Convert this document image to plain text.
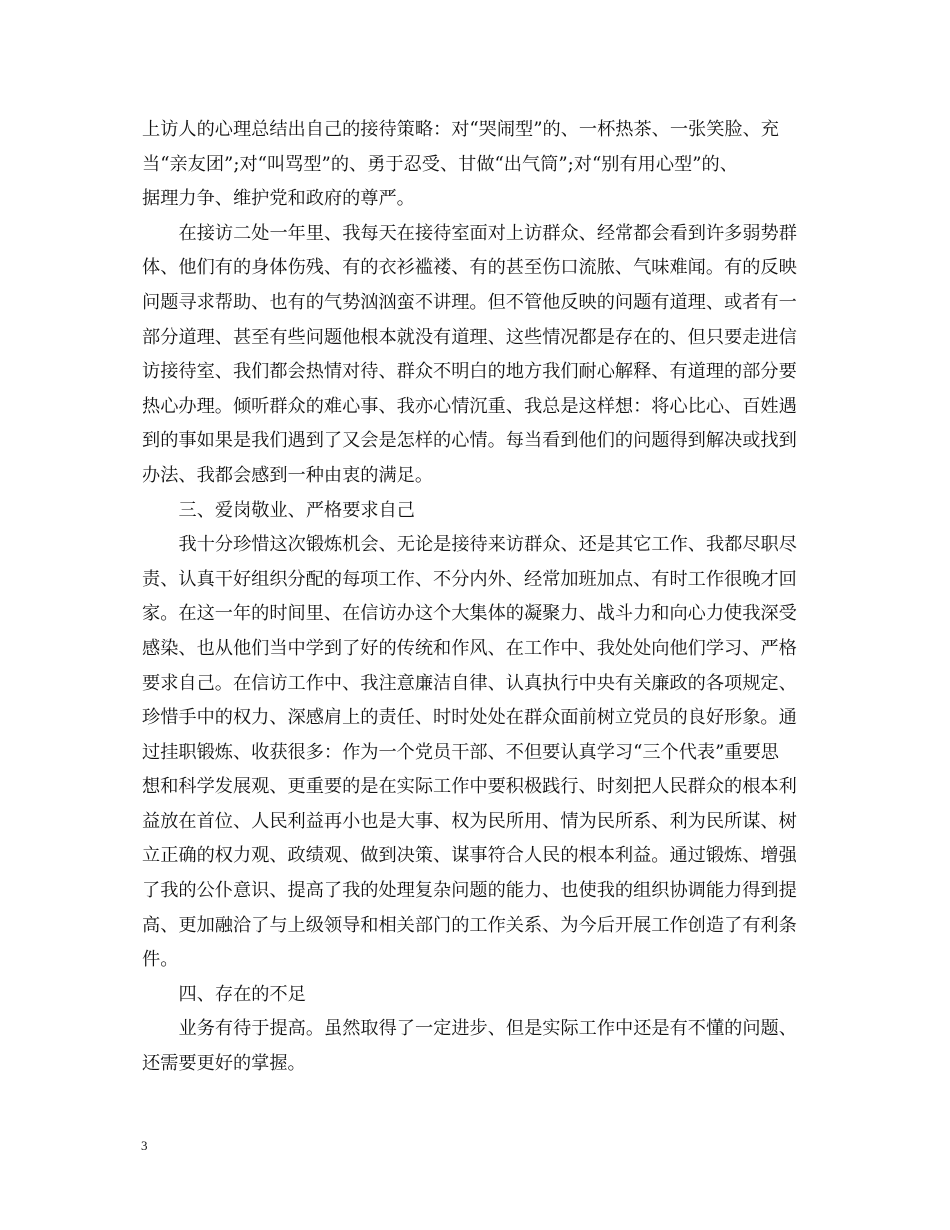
上访人的心理总结出自己的接待策略：对“哭闹型”的、一杯热茶、一张笑脸、充
当“亲友团”;对“叫骂型”的、勇于忍受、甘做“出气筒”;对“别有用心型”的、
据理力争、维护党和政府的尊严。
在接访二处一年里、我每天在接待室面对上访群众、经常都会看到许多弱势群
体、他们有的身体伤残、有的衣衫褴褛、有的甚至伤口流脓、气味难闻。有的反映
问题寻求帮助、也有的气势汹汹蛮不讲理。但不管他反映的问题有道理、或者有一
部分道理、甚至有些问题他根本就没有道理、这些情况都是存在的、但只要走进信
访接待室、我们都会热情对待、群众不明白的地方我们耐心解释、有道理的部分要
热心办理。倾听群众的难心事、我亦心情沉重、我总是这样想：将心比心、百姓遇
到的事如果是我们遇到了又会是怎样的心情。每当看到他们的问题得到解决或找到
办法、我都会感到一种由衷的满足。
三、爱岗敬业、严格要求自己
我十分珍惜这次锻炼机会、无论是接待来访群众、还是其它工作、我都尽职尽
责、认真干好组织分配的每项工作、不分内外、经常加班加点、有时工作很晚才回
家。在这一年的时间里、在信访办这个大集体的凝聚力、战斗力和向心力使我深受
感染、也从他们当中学到了好的传统和作风、在工作中、我处处向他们学习、严格
要求自己。在信访工作中、我注意廉洁自律、认真执行中央有关廉政的各项规定、
珍惜手中的权力、深感肩上的责任、时时处处在群众面前树立党员的良好形象。通
过挂职锻炼、收获很多：作为一个党员干部、不但要认真学习“三个代表”重要思
想和科学发展观、更重要的是在实际工作中要积极践行、时刻把人民群众的根本利
益放在首位、人民利益再小也是大事、权为民所用、情为民所系、利为民所谋、树
立正确的权力观、政绩观、做到决策、谋事符合人民的根本利益。通过锻炼、增强
了我的公仆意识、提高了我的处理复杂问题的能力、也使我的组织协调能力得到提
高、更加融洽了与上级领导和相关部门的工作关系、为今后开展工作创造了有利条
件。
四、存在的不足
业务有待于提高。虽然取得了一定进步、但是实际工作中还是有不懂的问题、
还需要更好的掌握。
3
